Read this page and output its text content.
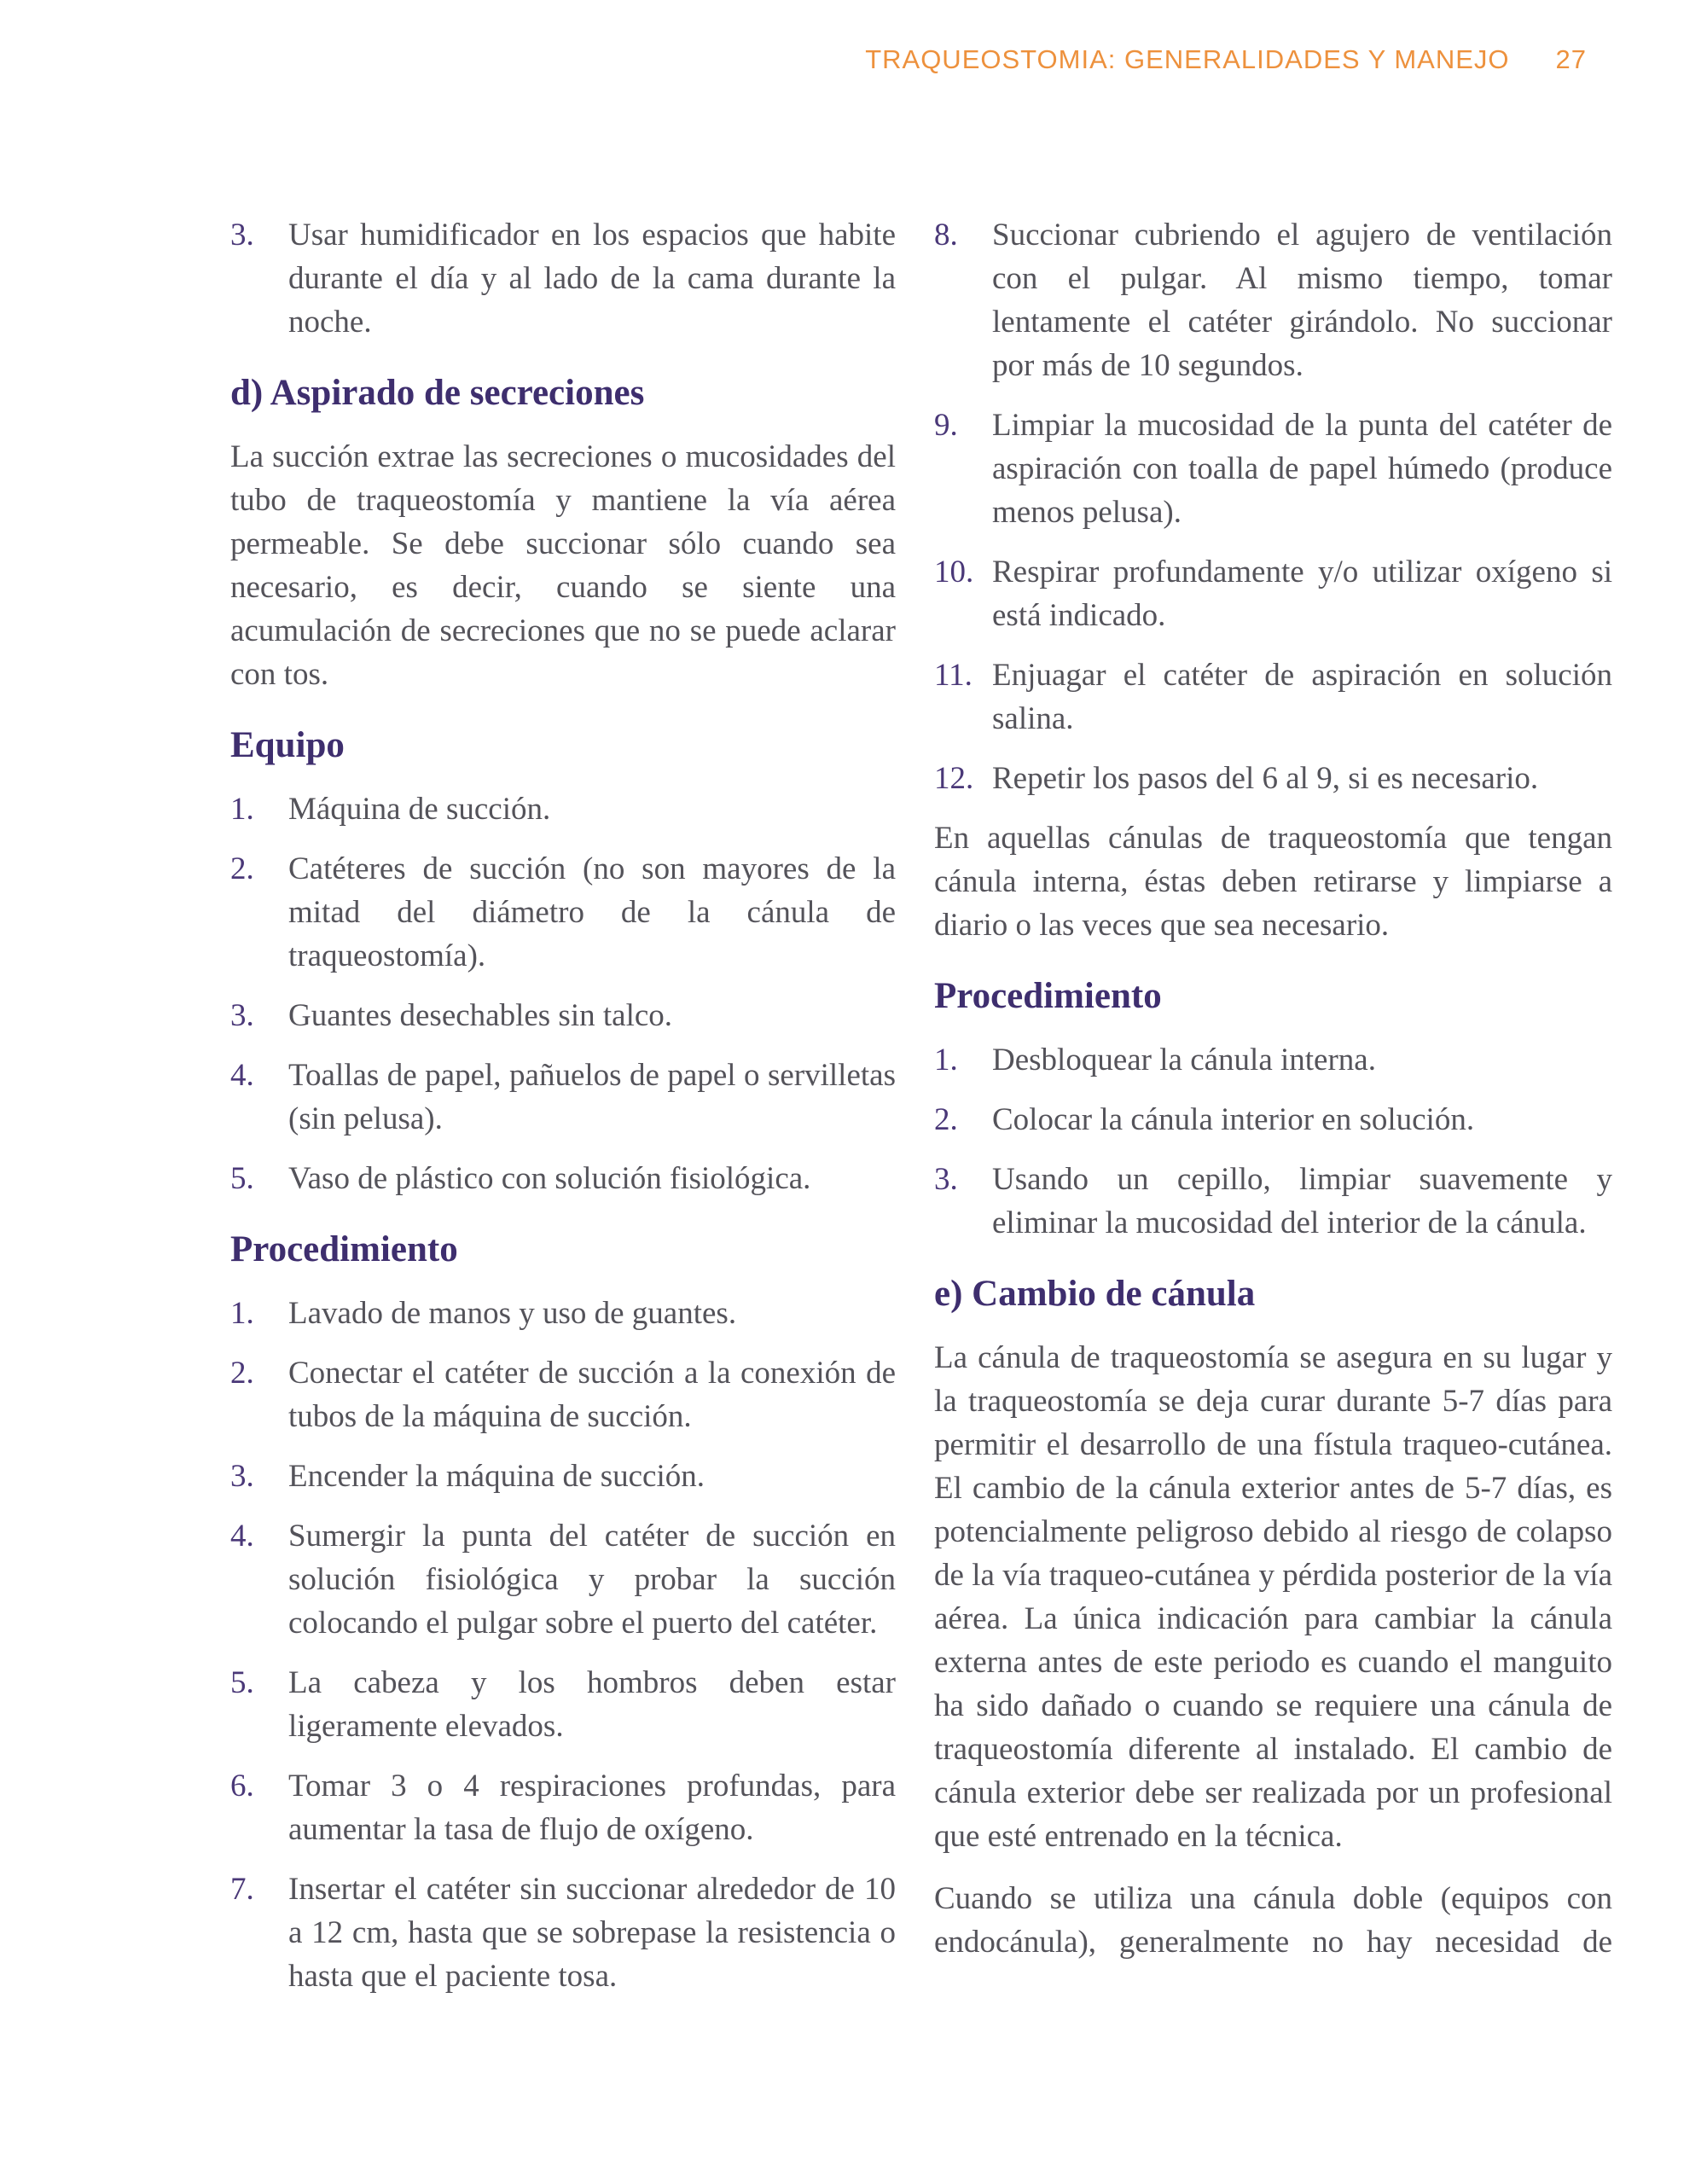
TRAQUEOSTOMIA: GENERALIDADES Y MANEJO 27
3.	Usar humidificador en los espacios que habite durante el día y al lado de la cama durante la noche.
d) Aspirado de secreciones

La succión extrae las secreciones o mucosidades del tubo de traqueostomía y mantiene la vía aérea permeable. Se debe succionar sólo cuando sea necesario, es decir, cuando se siente una acumulación de secreciones que no se puede aclarar con tos.

Equipo
1.	Máquina de succión.
2.	Catéteres de succión (no son mayores de la mitad del diámetro de la cánula de traqueostomía).
3.	Guantes desechables sin talco.
4.	Toallas de papel, pañuelos de papel o servilletas (sin pelusa).
5.	Vaso de plástico con solución fisiológica.
Procedimiento
1.	Lavado de manos y uso de guantes.
2.	Conectar el catéter de succión a la conexión de tubos de la máquina de succión.
3.	Encender la máquina de succión.
4.	Sumergir la punta del catéter de succión en solución fisiológica y probar la succión colocando el pulgar sobre el puerto del catéter.
5.	La cabeza y los hombros deben estar ligeramente elevados.
6.	Tomar 3 o 4 respiraciones profundas, para aumentar la tasa de flujo de oxígeno.
7.	Insertar el catéter sin succionar alrededor de 10 a 12 cm, hasta que se sobrepase la resistencia o hasta que el paciente tosa.
8.	Succionar cubriendo el agujero de ventilación con el pulgar. Al mismo tiempo, tomar lentamente el catéter girándolo. No succionar por más de 10 segundos.
9.	Limpiar la mucosidad de la punta del catéter de aspiración con toalla de papel húmedo (produce menos pelusa).
10. Respirar profundamente y/o utilizar oxígeno si está indicado.
11. Enjuagar el catéter de aspiración en solución salina.
12. Repetir los pasos del 6 al 9, si es necesario.

En aquellas cánulas de traqueostomía que tengan cánula interna, éstas deben retirarse y limpiarse a diario o las veces que sea necesario.

Procedimiento
1.	Desbloquear la cánula interna.
2.	Colocar la cánula interior en solución.
3.	Usando un cepillo, limpiar suavemente y eliminar la mucosidad del interior de la cánula.
e) Cambio de cánula

La cánula de traqueostomía se asegura en su lugar y la traqueostomía se deja curar durante 5-7 días para permitir el desarrollo de una fístula traqueo-cutánea. El cambio de la cánula exterior antes de 5-7 días, es potencialmente peligroso debido al riesgo de colapso de la vía traqueo-cutánea y pérdida posterior de la vía aérea. La única indicación para cambiar la cánula externa antes de este periodo es cuando el manguito ha sido dañado o cuando se requiere una cánula de traqueostomía diferente al instalado. El cambio de cánula exterior debe ser realizada por un profesional que esté entrenado en la técnica.

Cuando se utiliza una cánula doble (equipos con endocánula), generalmente no hay necesidad de
